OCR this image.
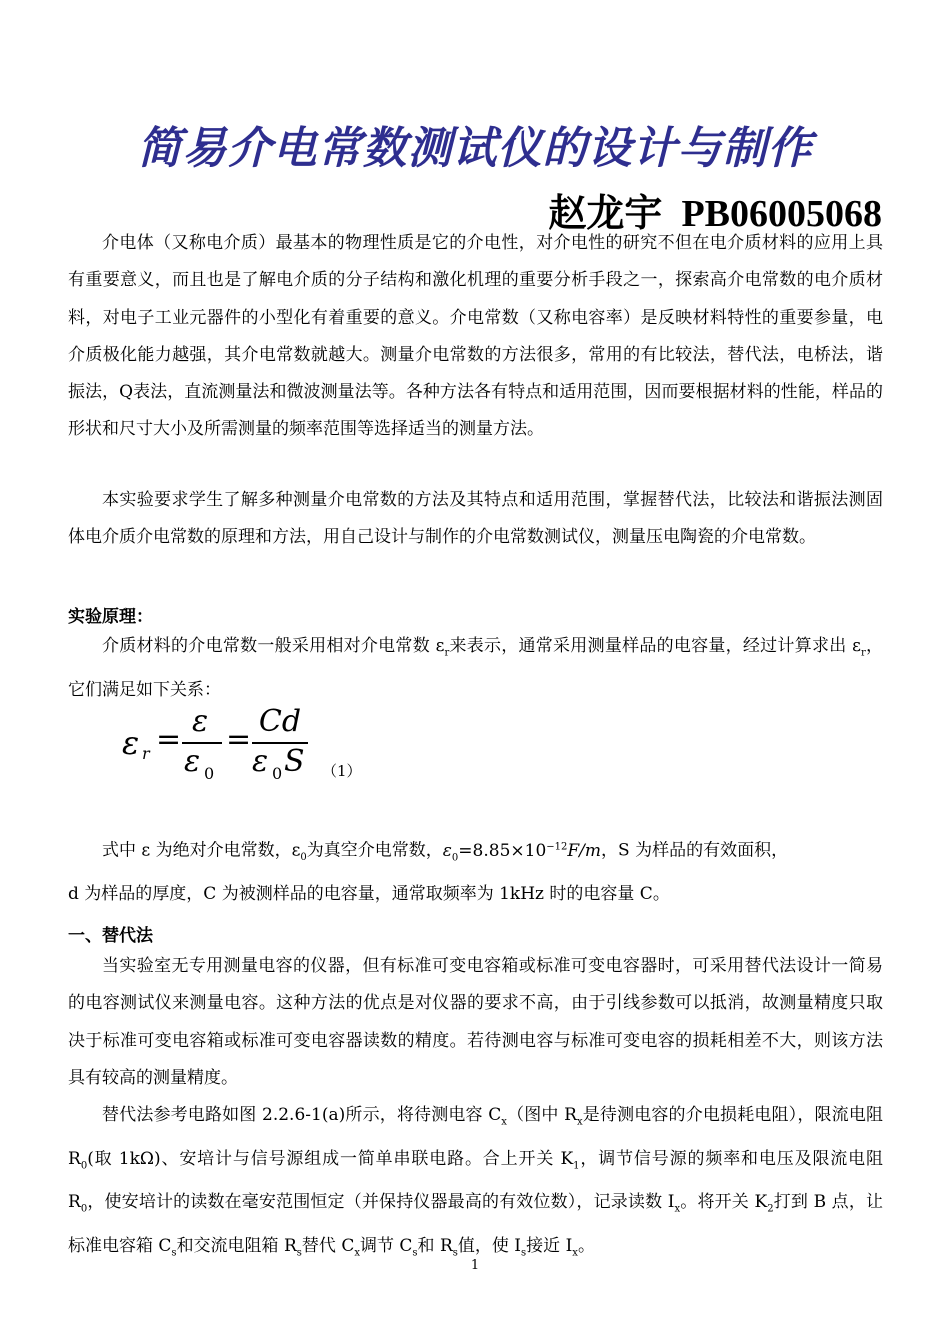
简易介电常数测试仪的设计与制作
赵龙宇 PB06005068
介电体（又称电介质）最基本的物理性质是它的介电性，对介电性的研究不但在电介质材料的应用上具有重要意义，而且也是了解电介质的分子结构和激化机理的重要分析手段之一，探索高介电常数的电介质材料，对电子工业元器件的小型化有着重要的意义。介电常数（又称电容率）是反映材料特性的重要参量，电介质极化能力越强，其介电常数就越大。测量介电常数的方法很多，常用的有比较法，替代法，电桥法，谐振法，Q表法，直流测量法和微波测量法等。各种方法各有特点和适用范围，因而要根据材料的性能，样品的形状和尺寸大小及所需测量的频率范围等选择适当的测量方法。
本实验要求学生了解多种测量介电常数的方法及其特点和适用范围，掌握替代法，比较法和谐振法测固体电介质介电常数的原理和方法，用自己设计与制作的介电常数测试仪，测量压电陶瓷的介电常数。
实验原理：
介质材料的介电常数一般采用相对介电常数 $\varepsilon_r$来表示，通常采用测量样品的电容量，经过计算求出 $\varepsilon_r$，它们满足如下关系：
ε r =
ε
ε 0
=
Cd
ε 0 S （1）
式中 ε 为绝对介电常数，$\varepsilon_0$为真空介电常数，$\varepsilon_0=8.85\times 10^{-12}F/m$，S 为样品的有效面积，
d 为样品的厚度，C 为被测样品的电容量，通常取频率为 1kHz 时的电容量 C。
一、替代法
当实验室无专用测量电容的仪器，但有标准可变电容箱或标准可变电容器时，可采用替代法设计一简易的电容测试仪来测量电容。这种方法的优点是对仪器的要求不高，由于引线参数可以抵消，故测量精度只取决于标准可变电容箱或标准可变电容器读数的精度。若待测电容与标准可变电容的损耗相差不大，则该方法具有较高的测量精度。
替代法参考电路如图 2.2.6-1(a)所示，将待测电容 $C_x$（图中 $R_x$是待测电容的介电损耗电阻），限流电阻 $R_0$(取 1kΩ)、安培计与信号源组成一简单串联电路。合上开关 $K_1$，调节信号源的频率和电压及限流电阻 $R_0$，使安培计的读数在毫安范围恒定（并保持仪器最高的有效位数），记录读数 $I_x$。将开关 $K_2$打到 B 点，让标准电容箱 $C_s$和交流电阻箱 $R_s$替代 $C_x$调节 $C_s$和 $R_s$值，使 $I_s$接近 $I_x$。
1
